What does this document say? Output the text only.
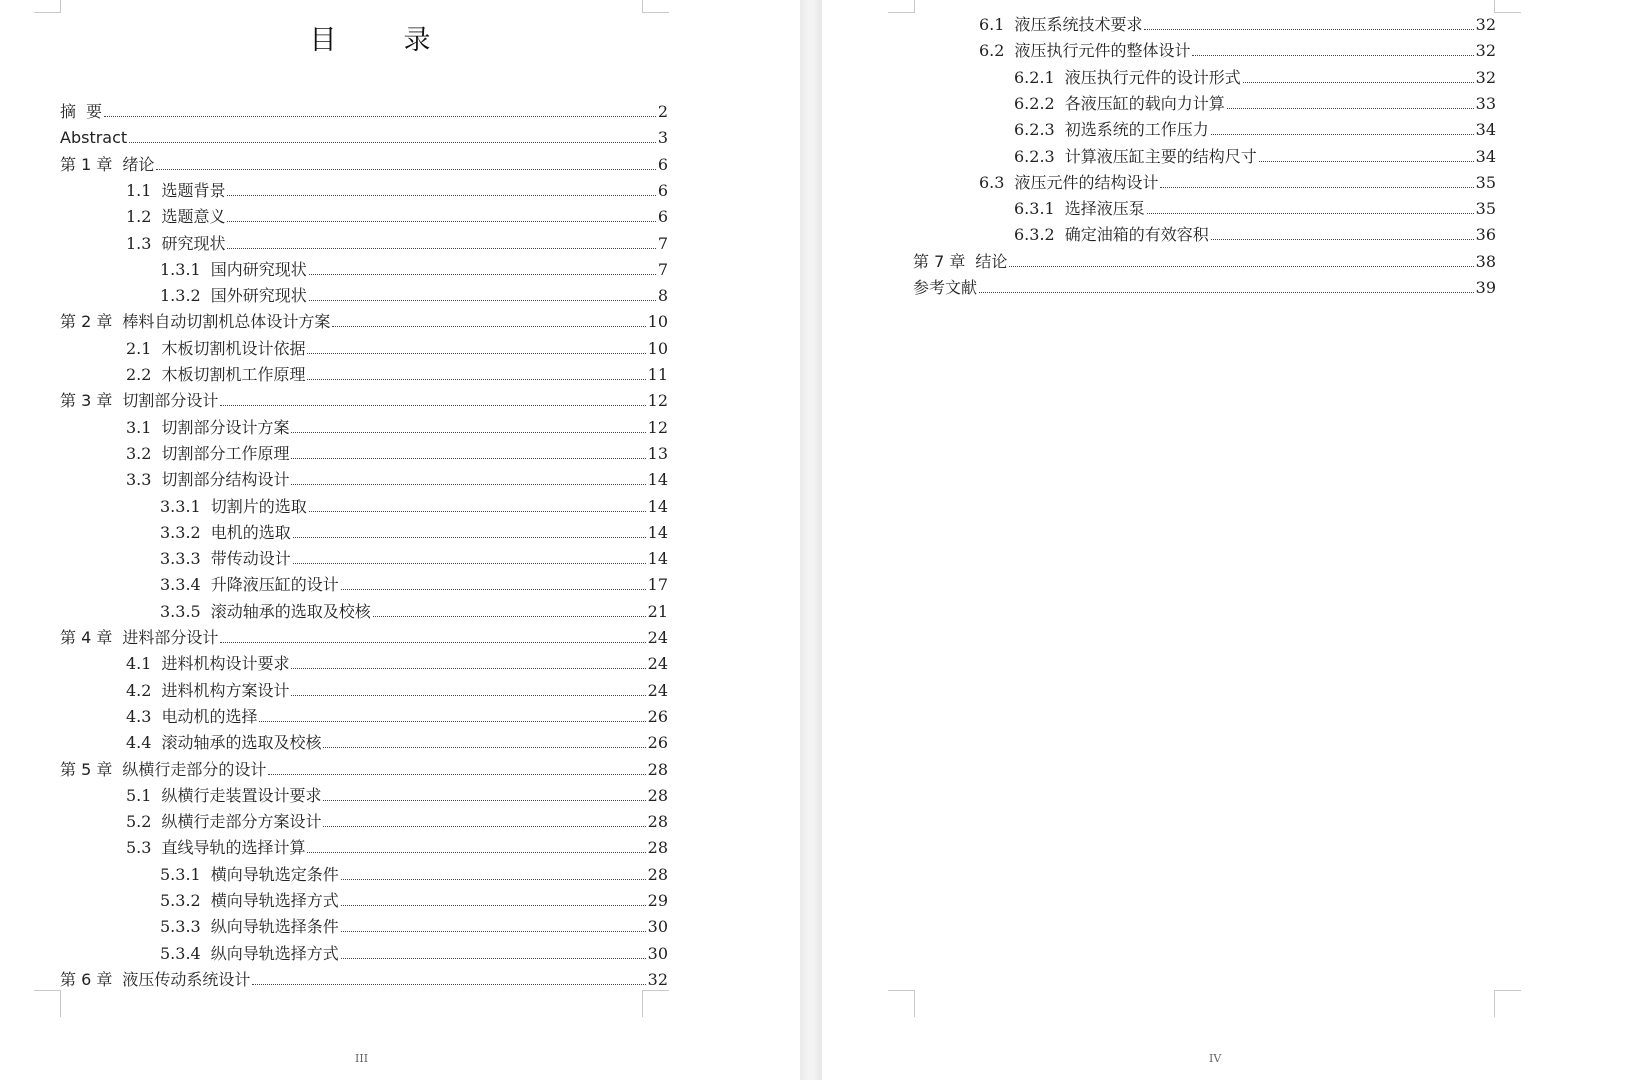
目　录
摘 要	2
Abstract	3
第 1 章 绪论	6
1.1 选题背景	6
1.2 选题意义	6
1.3 研究现状	7
1.3.1 国内研究现状	7
1.3.2 国外研究现状	8
第 2 章 棒料自动切割机总体设计方案	10
2.1 木板切割机设计依据	10
2.2 木板切割机工作原理	11
第 3 章 切割部分设计	12
3.1 切割部分设计方案	12
3.2 切割部分工作原理	13
3.3 切割部分结构设计	14
3.3.1 切割片的选取	14
3.3.2 电机的选取	14
3.3.3 带传动设计	14
3.3.4 升降液压缸的设计	17
3.3.5 滚动轴承的选取及校核	21
第 4 章 进料部分设计	24
4.1 进料机构设计要求	24
4.2 进料机构方案设计	24
4.3 电动机的选择	26
4.4 滚动轴承的选取及校核	26
第 5 章 纵横行走部分的设计	28
5.1 纵横行走装置设计要求	28
5.2 纵横行走部分方案设计	28
5.3 直线导轨的选择计算	28
5.3.1 横向导轨选定条件	28
5.3.2 横向导轨选择方式	29
5.3.3 纵向导轨选择条件	30
5.3.4 纵向导轨选择方式	30
第 6 章 液压传动系统设计	32
III
6.1 液压系统技术要求	32
6.2 液压执行元件的整体设计	32
6.2.1 液压执行元件的设计形式	32
6.2.2 各液压缸的载向力计算	33
6.2.3 初选系统的工作压力	34
6.2.3 计算液压缸主要的结构尺寸	34
6.3 液压元件的结构设计	35
6.3.1 选择液压泵	35
6.3.2 确定油箱的有效容积	36
第 7 章 结论	38
参考文献	39
IV
